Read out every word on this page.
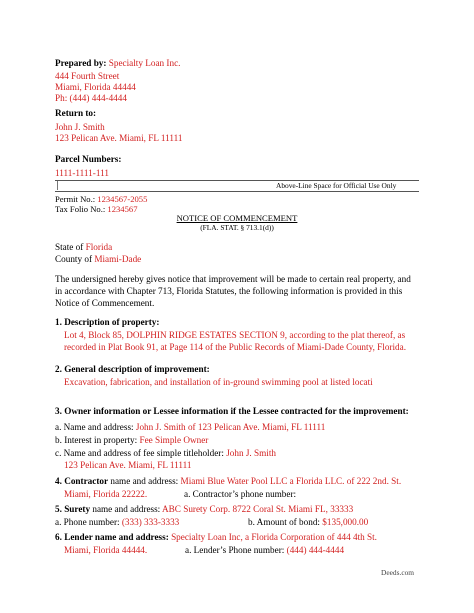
Prepared by: Specialty Loan Inc.
444 Fourth Street
Miami, Florida 44444
Ph: (444) 444-4444
Return to:
John J. Smith
123 Pelican Ave. Miami, FL 11111
Parcel Numbers:
1111-1111-111
Above-Line Space for Official Use Only
Permit No.: 1234567-2055
Tax Folio No.: 1234567
NOTICE OF COMMENCEMENT
(FLA. STAT. § 713.1(d))
State of Florida
County of Miami-Dade
The undersigned hereby gives notice that improvement will be made to certain real property, and
in accordance with Chapter 713, Florida Statutes, the following information is provided in this
Notice of Commencement.
1. Description of property:
Lot 4, Block 85, DOLPHIN RIDGE ESTATES SECTION 9, according to the plat thereof, as
recorded in Plat Book 91, at Page 114 of the Public Records of Miami-Dade County, Florida.
2. General description of improvement:
Excavation, fabrication, and installation of in-ground swimming pool at listed locati
3. Owner information or Lessee information if the Lessee contracted for the improvement:
a. Name and address: John J. Smith of 123 Pelican Ave. Miami, FL 11111
b. Interest in property: Fee Simple Owner
c. Name and address of fee simple titleholder: John J. Smith
123 Pelican Ave. Miami, FL 11111
4. Contractor name and address: Miami Blue Water Pool LLC a Florida LLC. of 222 2nd. St.
Miami, Florida 22222.	a. Contractor’s phone number:
5. Surety name and address: ABC Surety Corp. 8722 Coral St. Miami FL, 33333
a. Phone number: (333) 333-3333	b. Amount of bond: $135,000.00
6. Lender name and address: Specialty Loan Inc, a Florida Corporation of 444 4th St.
Miami, Florida 44444.	a. Lender’s Phone number: (444) 444-4444
Deeds.com
